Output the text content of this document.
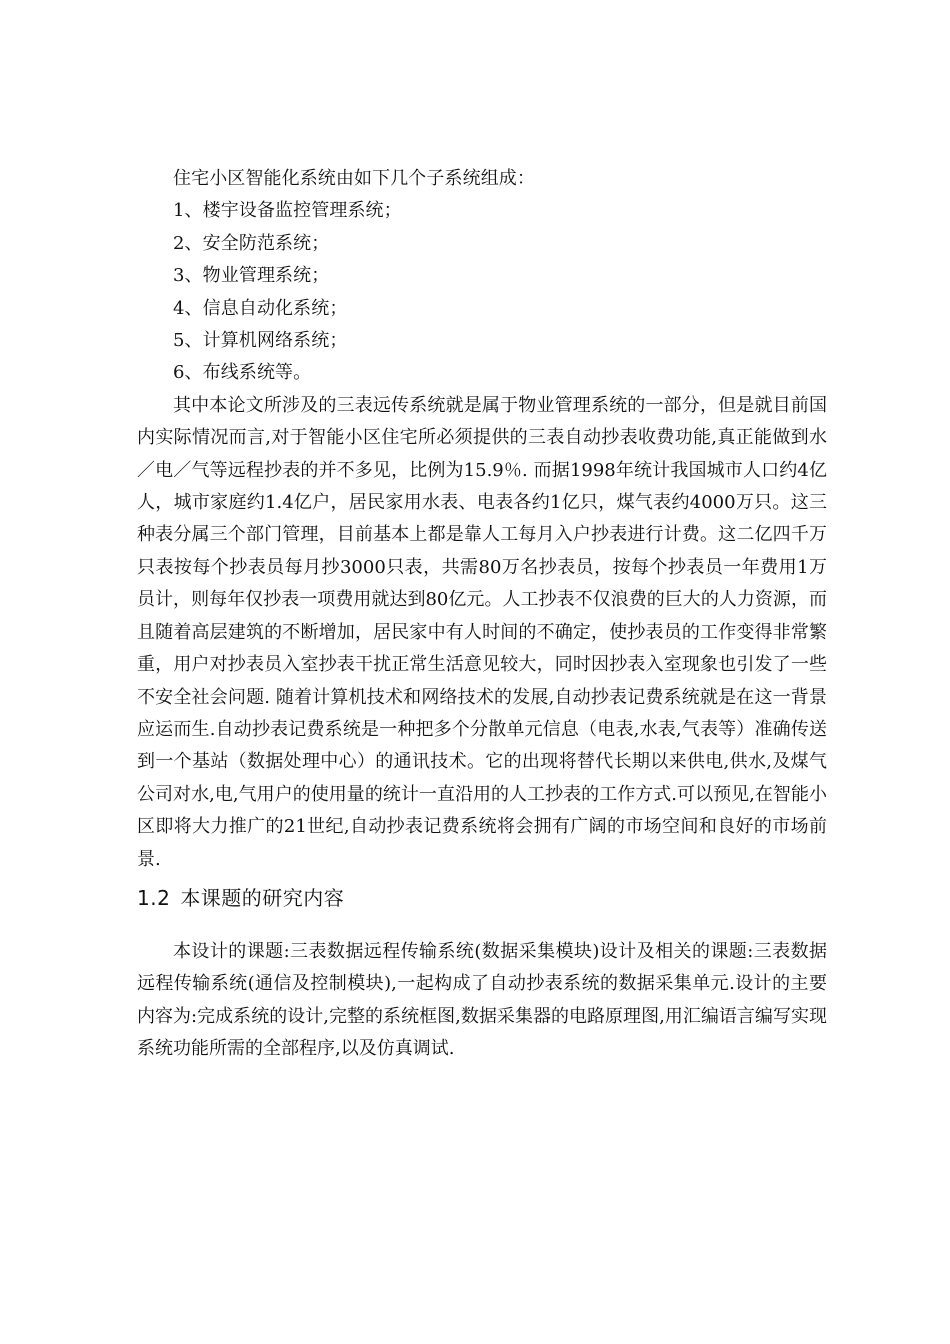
住宅小区智能化系统由如下几个子系统组成：
1、楼宇设备监控管理系统；
2、安全防范系统；
3、物业管理系统；
4、信息自动化系统；
5、计算机网络系统；
6、布线系统等。

其中本论文所涉及的三表远传系统就是属于物业管理系统的一部分，但是就目前国内实际情况而言,对于智能小区住宅所必须提供的三表自动抄表收费功能,真正能做到水／电／气等远程抄表的并不多见，比例为15.9％. 而据1998年统计我国城市人口约4亿人，城市家庭约1.4亿户，居民家用水表、电表各约1亿只，煤气表约4000万只。这三种表分属三个部门管理，目前基本上都是靠人工每月入户抄表进行计费。这二亿四千万只表按每个抄表员每月抄3000只表，共需80万名抄表员，按每个抄表员一年费用1万员计，则每年仅抄表一项费用就达到80亿元。人工抄表不仅浪费的巨大的人力资源，而且随着高层建筑的不断增加，居民家中有人时间的不确定，使抄表员的工作变得非常繁重，用户对抄表员入室抄表干扰正常生活意见较大，同时因抄表入室现象也引发了一些不安全社会问题. 随着计算机技术和网络技术的发展,自动抄表记费系统就是在这一背景应运而生.自动抄表记费系统是一种把多个分散单元信息（电表,水表,气表等）准确传送到一个基站（数据处理中心）的通讯技术。它的出现将替代长期以来供电,供水,及煤气公司对水,电,气用户的使用量的统计一直沿用的人工抄表的工作方式.可以预见,在智能小区即将大力推广的21世纪,自动抄表记费系统将会拥有广阔的市场空间和良好的市场前景.

1.2 本课题的研究内容

本设计的课题:三表数据远程传输系统(数据采集模块)设计及相关的课题:三表数据远程传输系统(通信及控制模块),一起构成了自动抄表系统的数据采集单元.设计的主要内容为:完成系统的设计,完整的系统框图,数据采集器的电路原理图,用汇编语言编写实现系统功能所需的全部程序,以及仿真调试.
